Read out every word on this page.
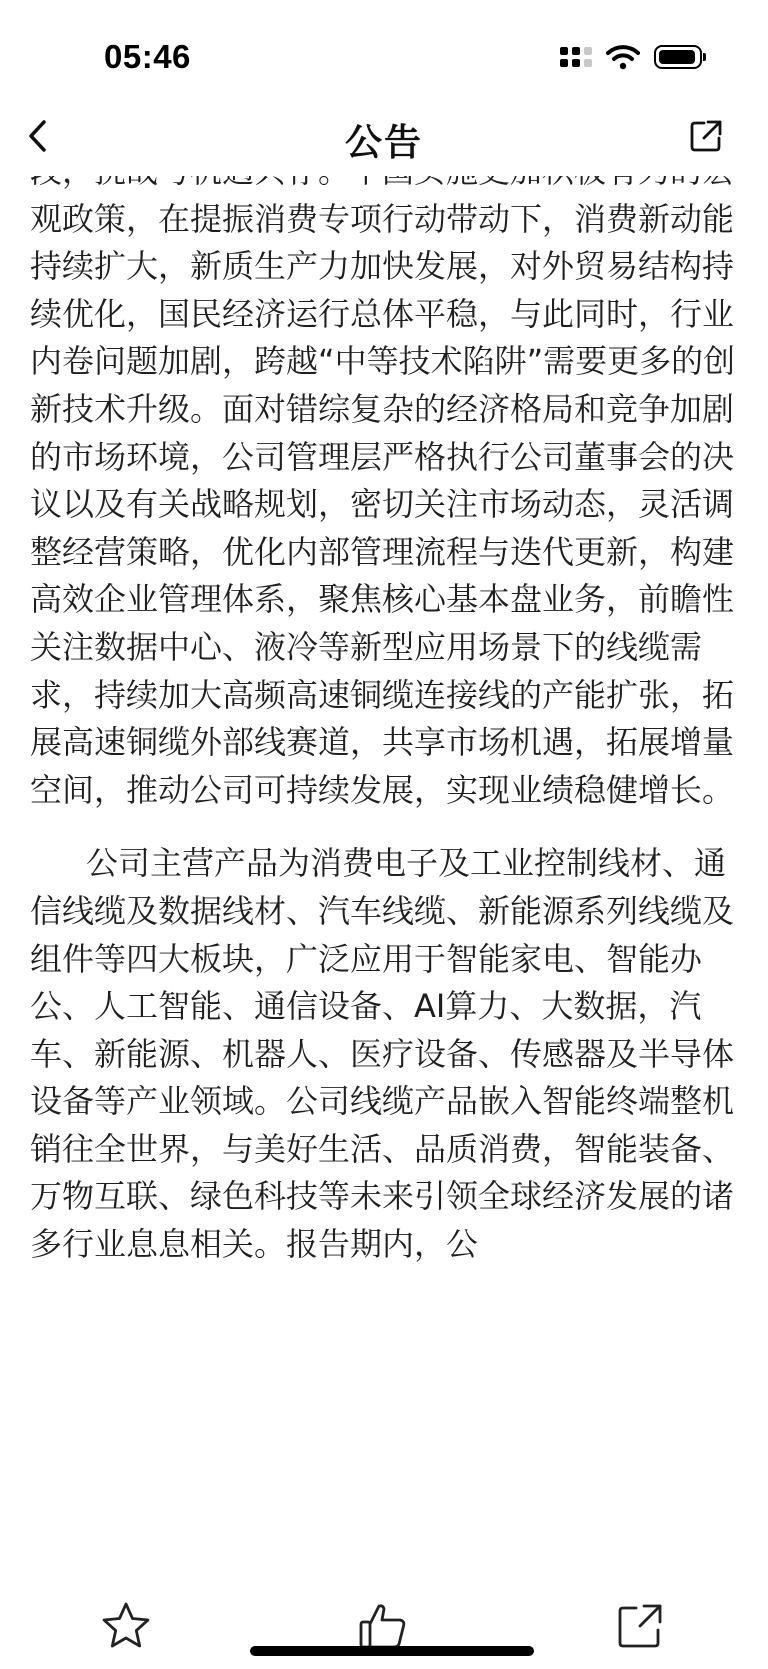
05:46
公告

观政策，在提振消费专项行动带动下，消费新动能持续扩大，新质生产力加快发展，对外贸易结构持续优化，国民经济运行总体平稳，与此同时，行业内卷问题加剧，跨越“中等技术陷阱”需要更多的创新技术升级。面对错综复杂的经济格局和竞争加剧的市场环境，公司管理层严格执行公司董事会的决议以及有关战略规划，密切关注市场动态，灵活调整经营策略，优化内部管理流程与迭代更新，构建高效企业管理体系，聚焦核心基本盘业务，前瞻性关注数据中心、液冷等新型应用场景下的线缆需求，持续加大高频高速铜缆连接线的产能扩张，拓展高速铜缆外部线赛道，共享市场机遇，拓展增量空间，推动公司可持续发展，实现业绩稳健增长。

公司主营产品为消费电子及工业控制线材、通信线缆及数据线材、汽车线缆、新能源系列线缆及组件等四大板块，广泛应用于智能家电、智能办公、人工智能、通信设备、AI算力、大数据，汽车、新能源、机器人、医疗设备、传感器及半导体设备等产业领域。公司线缆产品嵌入智能终端整机销往全世界，与美好生活、品质消费，智能装备、万物互联、绿色科技等未来引领全球经济发展的诸多行业息息相关。报告期内，公
